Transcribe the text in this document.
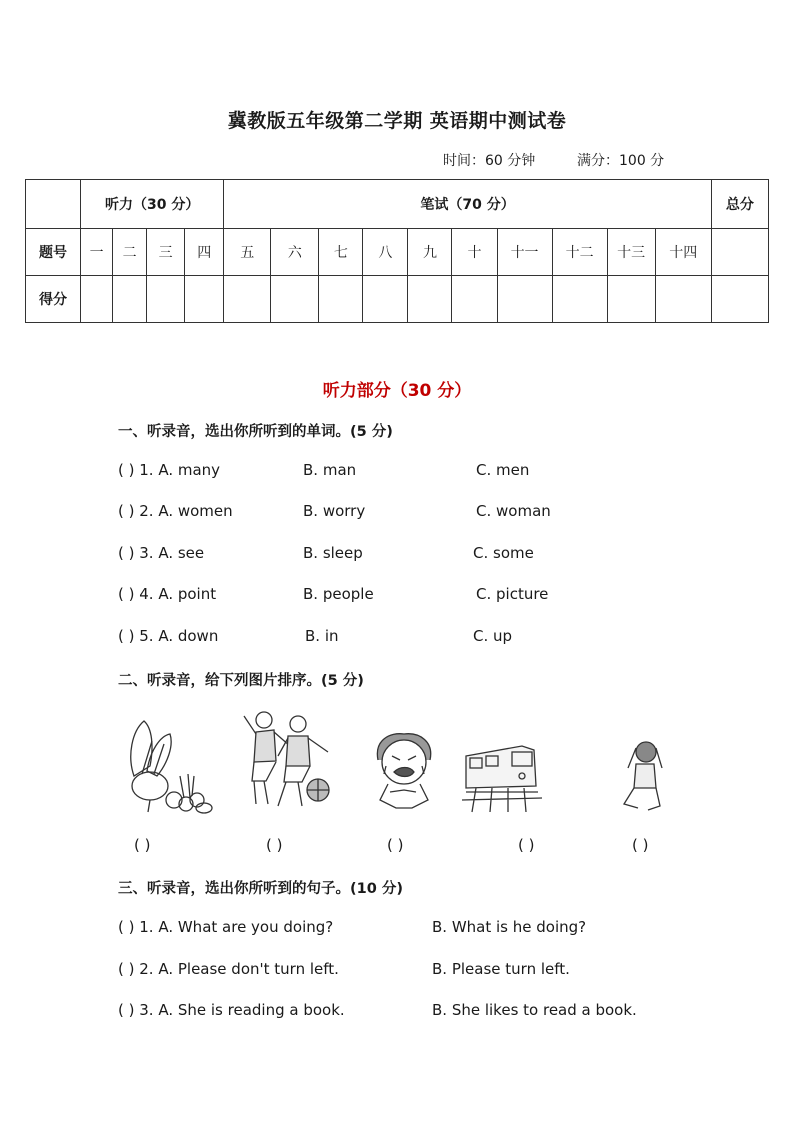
冀教版五年级第二学期 英语期中测试卷
时间：60 分钟	满分：100 分
	听力（30 分）				笔试（70 分）										总分
题号	一	二	三	四	五	六	七	八	九	十	十一	十二	十三	十四	
得分															
听力部分（30 分）
一、听录音，选出你所听到的单词。(5 分)
( ) 1. A. many	B. man	C. men
( ) 2. A. women	B. worry	C. woman
( ) 3. A. see	B. sleep	C. some
( ) 4. A. point	B. people	C. picture
( ) 5. A. down	B. in	C. up
二、听录音，给下列图片排序。(5 分)
( )	( )	( )	( )	( )
三、听录音，选出你所听到的句子。(10 分)
( ) 1. A. What are you doing?	B. What is he doing?
( ) 2. A. Please don't turn left.	B. Please turn left.
( ) 3. A. She is reading a book.	B. She likes to read a book.
